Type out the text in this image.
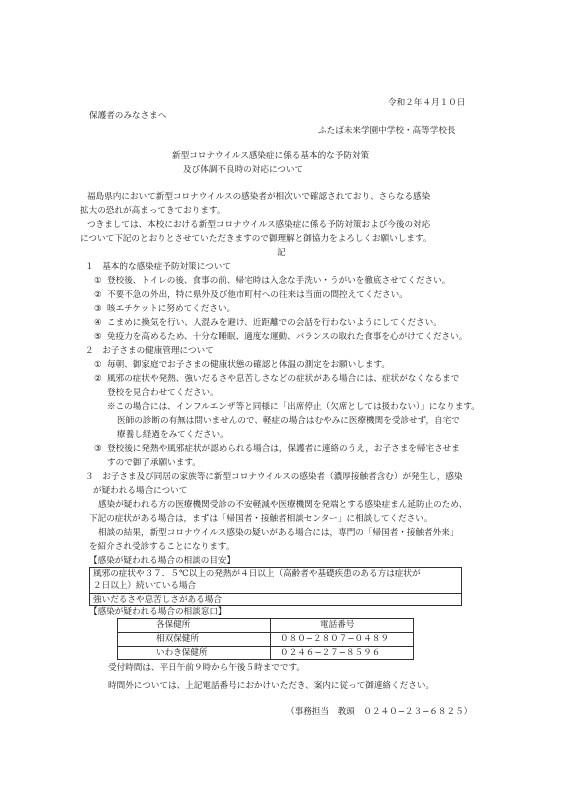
令和２年４月１０日
保護者のみなさまへ
ふたば未来学園中学校・高等学校長
新型コロナウイルス感染症に係る基本的な予防対策
及び体調不良時の対応について
福島県内において新型コロナウイルスの感染者が相次いで確認されており、さらなる感染
拡大の恐れが高まってきております。
つきましては、本校における新型コロナウイルス感染症に係る予防対策および今後の対応
について下記のとおりとさせていただきますので御理解と御協力をよろしくお願いします。
記
１　基本的な感染症予防対策について
① 登校後、トイレの後、食事の前、帰宅時は入念な手洗い・うがいを徹底させてください。
② 不要不急の外出，特に県外及び他市町村への往来は当面の間控えてください。
③ 咳エチケットに努めてください。
④ こまめに換気を行い、人混みを避け、近距離での会話を行わないようにしてください。
⑤ 免疫力を高めるため、十分な睡眠、適度な運動、バランスの取れた食事を心がけてください。
２　お子さまの健康管理について
① 毎朝、御家庭でお子さまの健康状態の確認と体温の測定をお願いします。
② 風邪の症状や発熱、強いだるさや息苦しさなどの症状がある場合には、症状がなくなるまで
登校を見合わせてください。
※この場合には、インフルエンザ等と同様に「出席停止（欠席としては扱わない）」になります。
医師の診断の有無は問いませんので、軽症の場合はむやみに医療機関を受診せず，自宅で
療養し経過をみてください。
③ 登校後に発熱や風邪症状が認められる場合は，保護者に連絡のうえ，お子さまを帰宅させま
すので御了承願います。
３　お子さま及び同居の家族等に新型コロナウイルスの感染者（濃厚接触者含む）が発生し，感染
が疑われる場合について
感染が疑われる方の医療機関受診の不安軽減や医療機関を発端とする感染症まん延防止のため、
下記の症状がある場合は，まずは「帰国者・接触者相談センター」に相談してください。
相談の結果，新型コロナウイルス感染の疑いがある場合には，専門の「帰国者・接触者外来」
を紹介され受診することになります。
【感染が疑われる場合の相談の目安】
風邪の症状や３７．５℃以上の発熱が４日以上（高齢者や基礎疾患のある方は症状が
２日以上）続いている場合
強いだるさや息苦しさがある場合
【感染が疑われる場合の相談窓口】
各保健所	電話番号
相双保健所	０８０−２８０７−０４８９
いわき保健所	０２４６−２７−８５９６
受付時間は、平日午前９時から午後５時までです。
時間外については、上記電話番号におかけいただき、案内に従って御連絡ください。
（事務担当　教頭　０２４０−２３−６８２５）
